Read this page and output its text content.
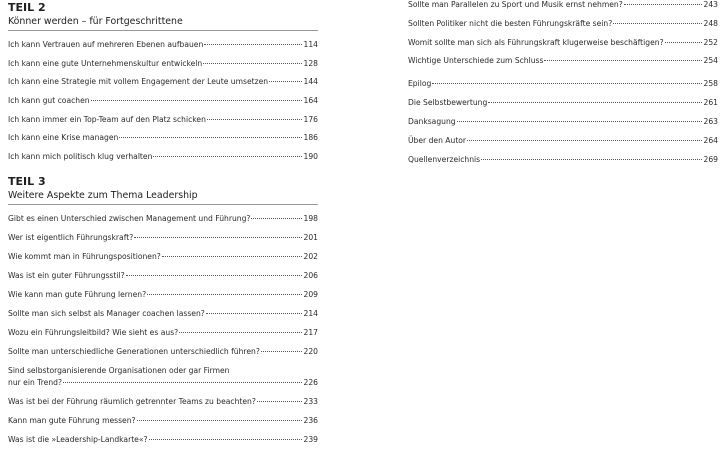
TEIL 2
Könner werden – für Fortgeschrittene
Ich kann Vertrauen auf mehreren Ebenen aufbauen	114
Ich kann eine gute Unternehmenskultur entwickeln	128
Ich kann eine Strategie mit vollem Engagement der Leute umsetzen	144
Ich kann gut coachen	164
Ich kann immer ein Top-Team auf den Platz schicken	176
Ich kann eine Krise managen	186
Ich kann mich politisch klug verhalten	190
TEIL 3
Weitere Aspekte zum Thema Leadership
Gibt es einen Unterschied zwischen Management und Führung?	198
Wer ist eigentlich Führungskraft?	201
Wie kommt man in Führungspositionen?	202
Was ist ein guter Führungsstil?	206
Wie kann man gute Führung lernen?	209
Sollte man sich selbst als Manager coachen lassen?	214
Wozu ein Führungsleitbild? Wie sieht es aus?	217
Sollte man unterschiedliche Generationen unterschiedlich führen?	220
Sind selbstorganisierende Organisationen oder gar Firmen
nur ein Trend?	226
Was ist bei der Führung räumlich getrennter Teams zu beachten?	233
Kann man gute Führung messen?	236
Was ist die »Leadership-Landkarte«?	239
Sollte man Parallelen zu Sport und Musik ernst nehmen?	243
Sollten Politiker nicht die besten Führungskräfte sein?	248
Womit sollte man sich als Führungskraft klugerweise beschäftigen?	252
Wichtige Unterschiede zum Schluss	254
Epilog	258
Die Selbstbewertung	261
Danksagung	263
Über den Autor	264
Quellenverzeichnis	269
